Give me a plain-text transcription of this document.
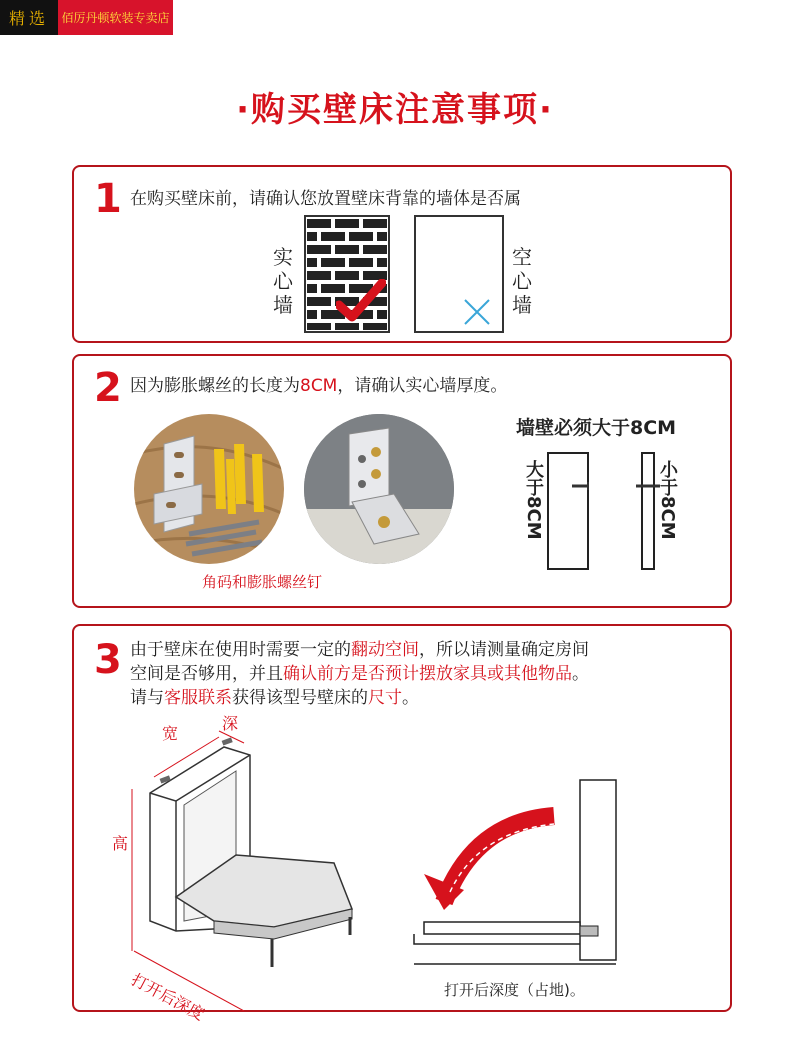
精选	佰厉丹顿软装专卖店
·购买壁床注意事项·
1 在购买壁床前，请确认您放置壁床背靠的墙体是否属
实心墙
空心墙
2 因为膨胀螺丝的长度为8CM，请确认实心墙厚度。
角码和膨胀螺丝钉
墙壁必须大于8CM
大于8CM	小于8CM
3 由于壁床在使用时需要一定的翻动空间，所以请测量确定房间
空间是否够用，并且确认前方是否预计摆放家具或其他物品。
请与客服联系获得该型号壁床的尺寸。
宽
深
高
打开后深度	打开后深度（占地)。
